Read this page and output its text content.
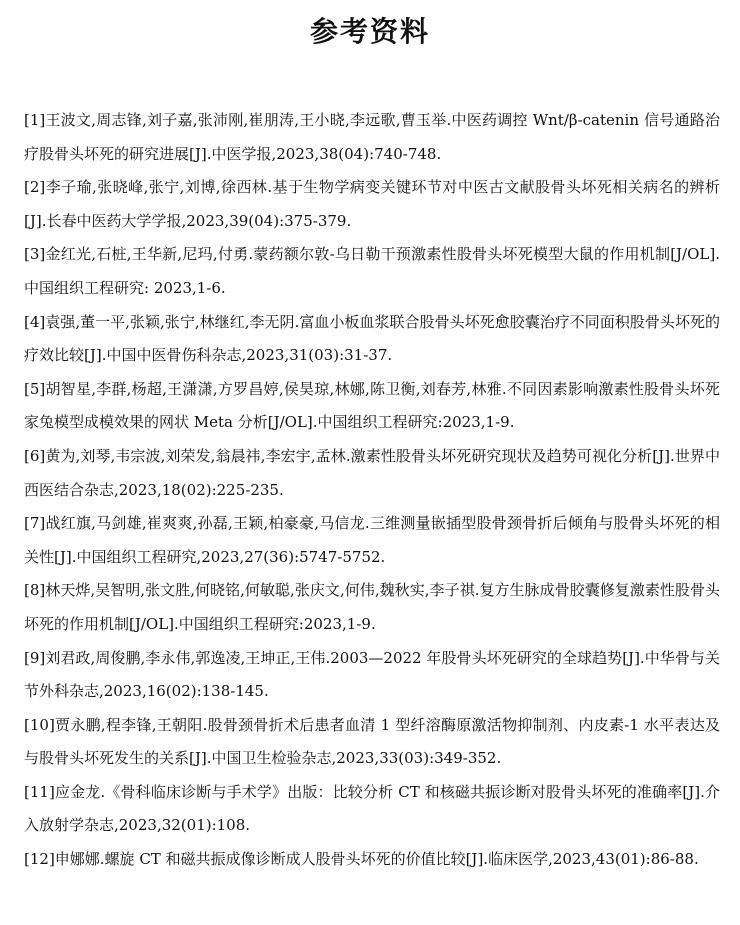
参考资料
[1]王波文,周志锋,刘子嘉,张沛刚,崔朋涛,王小晓,李远歌,曹玉举.中医药调控 Wnt/β-catenin 信号通路治疗股骨头坏死的研究进展[J].中医学报,2023,38(04):740-748.
[2]李子瑜,张晓峰,张宁,刘博,徐西林.基于生物学病变关键环节对中医古文献股骨头坏死相关病名的辨析[J].长春中医药大学学报,2023,39(04):375-379.
[3]金红光,石桩,王华新,尼玛,付勇.蒙药额尔敦-乌日勒干预激素性股骨头坏死模型大鼠的作用机制[J/OL].中国组织工程研究: 2023,1-6.
[4]袁强,董一平,张颖,张宁,林继红,李无阴.富血小板血浆联合股骨头坏死愈胶囊治疗不同面积股骨头坏死的疗效比较[J].中国中医骨伤科杂志,2023,31(03):31-37.
[5]胡智星,李群,杨超,王潇潇,方罗昌婷,侯昊琼,林娜,陈卫衡,刘春芳,林雅.不同因素影响激素性股骨头坏死家兔模型成模效果的网状 Meta 分析[J/OL].中国组织工程研究:2023,1-9.
[6]黄为,刘琴,韦宗波,刘荣发,翁晨祎,李宏宇,孟林.激素性股骨头坏死研究现状及趋势可视化分析[J].世界中西医结合杂志,2023,18(02):225-235.
[7]战红旗,马剑雄,崔爽爽,孙磊,王颖,柏豪豪,马信龙.三维测量嵌插型股骨颈骨折后倾角与股骨头坏死的相关性[J].中国组织工程研究,2023,27(36):5747-5752.
[8]林天烨,吴智明,张文胜,何晓铭,何敏聪,张庆文,何伟,魏秋实,李子祺.复方生脉成骨胶囊修复激素性股骨头坏死的作用机制[J/OL].中国组织工程研究:2023,1-9.
[9]刘君政,周俊鹏,李永伟,郭逸凌,王坤正,王伟.2003—2022 年股骨头坏死研究的全球趋势[J].中华骨与关节外科杂志,2023,16(02):138-145.
[10]贾永鹏,程李锋,王朝阳.股骨颈骨折术后患者血清 1 型纤溶酶原激活物抑制剂、内皮素-1 水平表达及与股骨头坏死发生的关系[J].中国卫生检验杂志,2023,33(03):349-352.
[11]应金龙.《骨科临床诊断与手术学》出版：比较分析 CT 和核磁共振诊断对股骨头坏死的准确率[J].介入放射学杂志,2023,32(01):108.
[12]申娜娜.螺旋 CT 和磁共振成像诊断成人股骨头坏死的价值比较[J].临床医学,2023,43(01):86-88.
